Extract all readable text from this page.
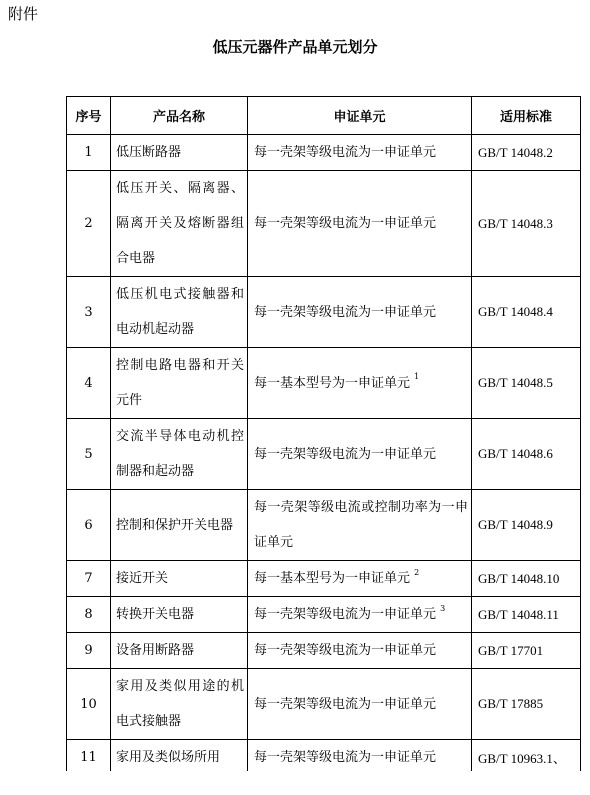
附件
低压元器件产品单元划分
序号	产品名称	申证单元	适用标准
1	低压断路器	每一壳架等级电流为一申证单元	GB/T 14048.2
2	低压开关、隔离器、隔离开关及熔断器组合电器	每一壳架等级电流为一申证单元	GB/T 14048.3
3	低压机电式接触器和电动机起动器	每一壳架等级电流为一申证单元	GB/T 14048.4
4	控制电路电器和开关元件	每一基本型号为一申证单元 $^1$	GB/T 14048.5
5	交流半导体电动机控制器和起动器	每一壳架等级电流为一申证单元	GB/T 14048.6
6	控制和保护开关电器	每一壳架等级电流或控制功率为一申证单元	GB/T 14048.9
7	接近开关	每一基本型号为一申证单元 $^2$	GB/T 14048.10
8	转换开关电器	每一壳架等级电流为一申证单元 $^3$	GB/T 14048.11
9	设备用断路器	每一壳架等级电流为一申证单元	GB/T 17701
10	家用及类似用途的机电式接触器	每一壳架等级电流为一申证单元	GB/T 17885
11	家用及类似场所用	每一壳架等级电流为一申证单元	GB/T 10963.1、
